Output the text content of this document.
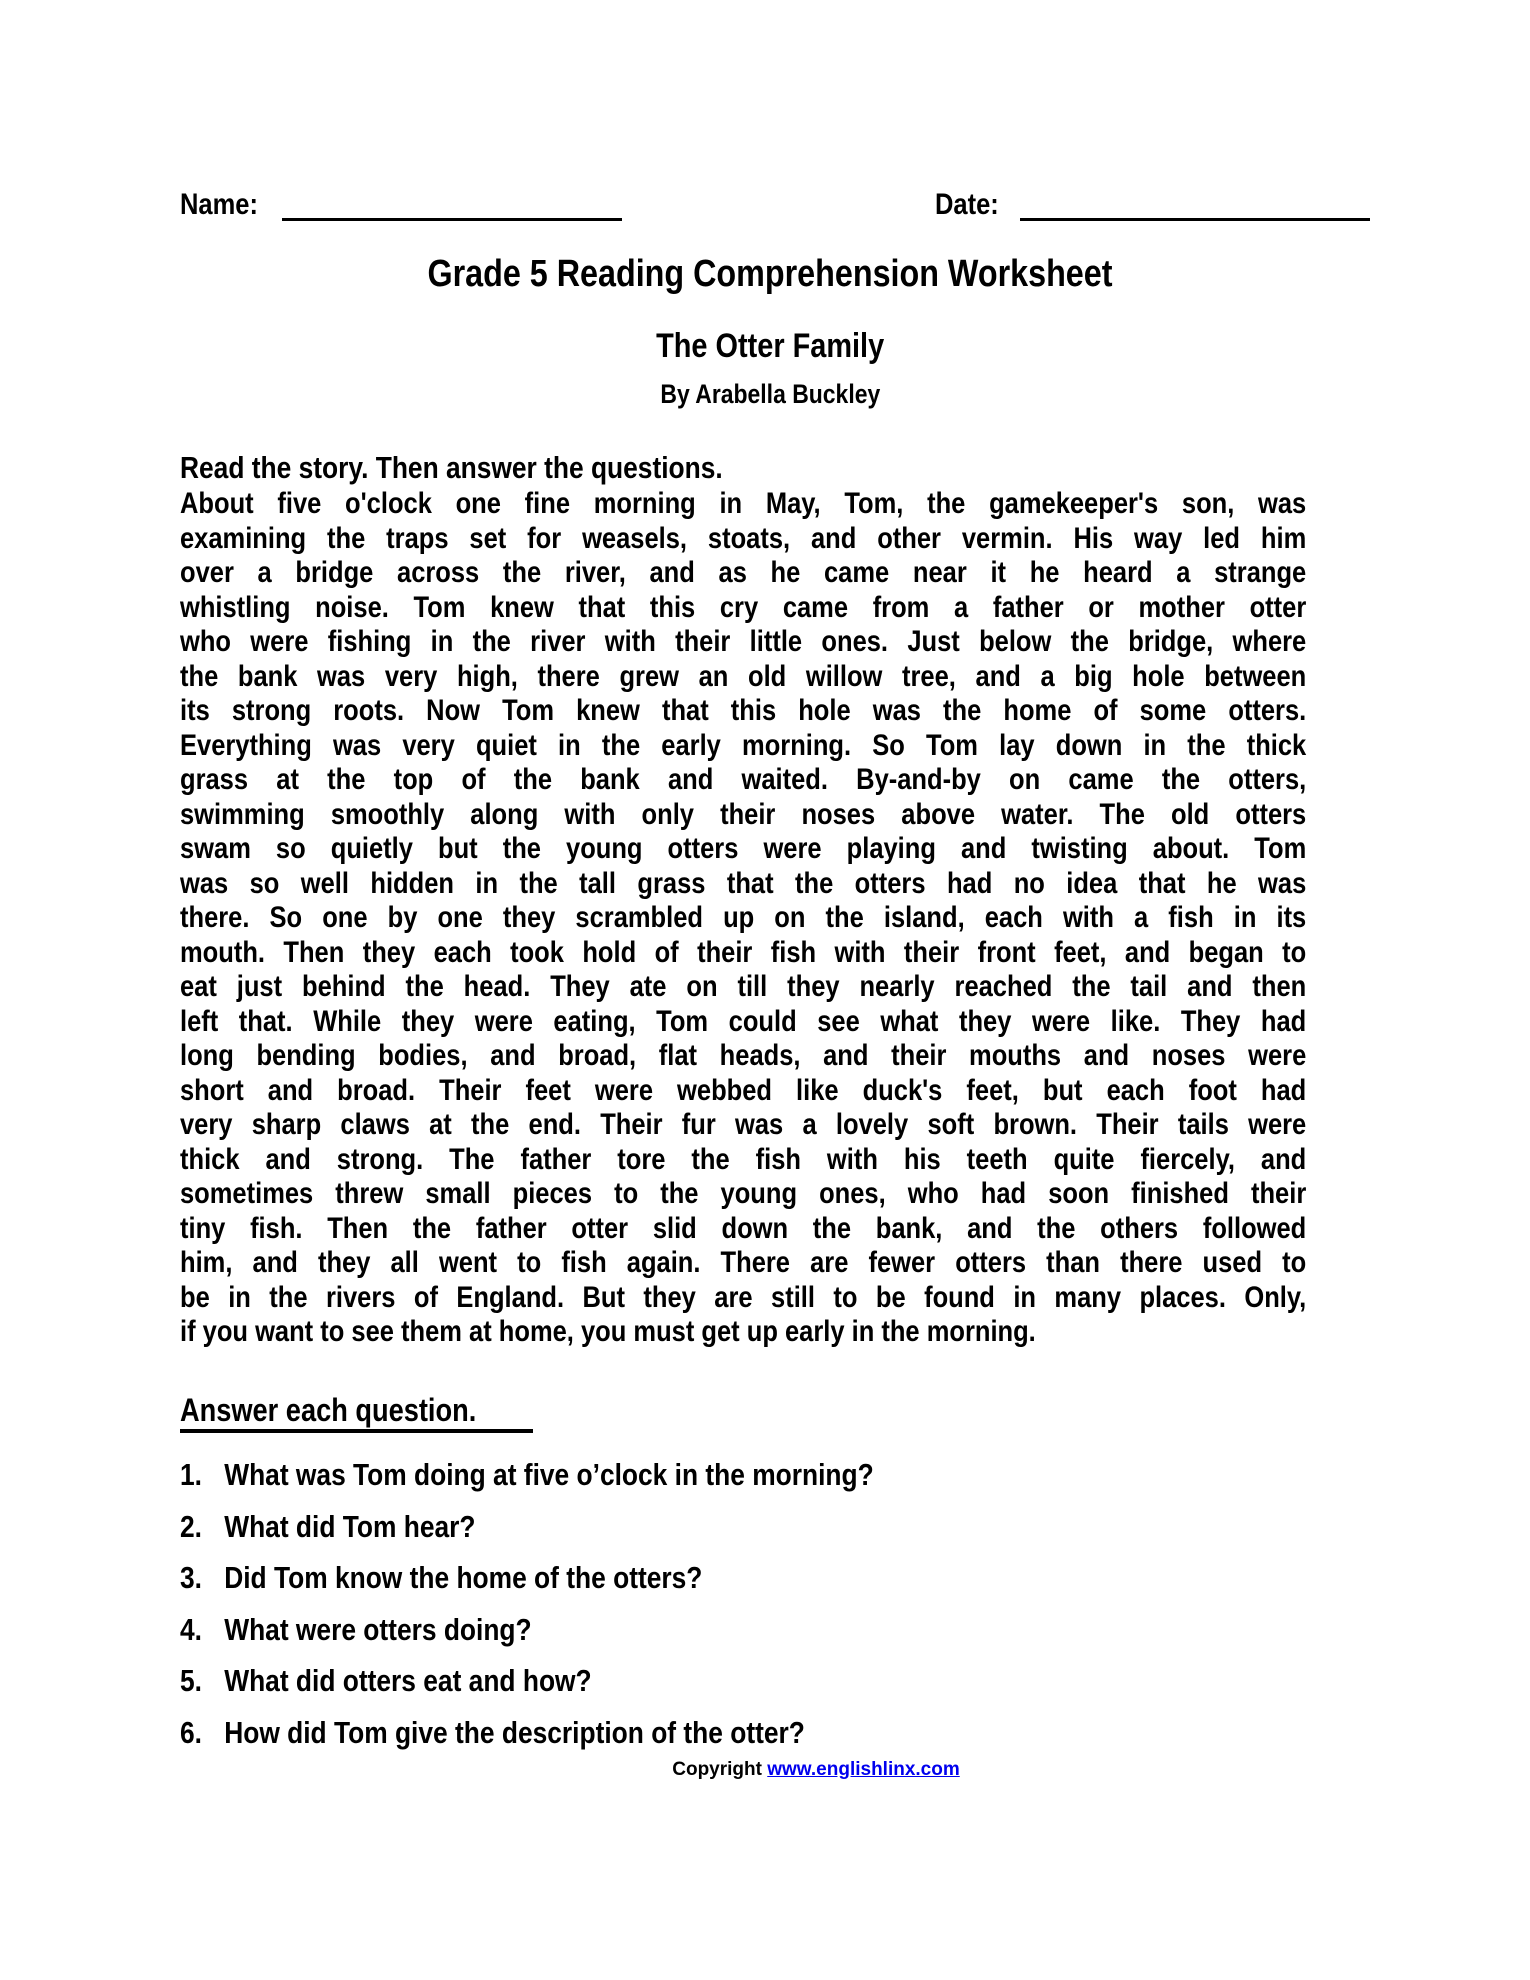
Name:	Date:
Grade 5 Reading Comprehension Worksheet
The Otter Family
By Arabella Buckley
Read the story. Then answer the questions.
About five o'clock one fine morning in May, Tom, the gamekeeper's son, was
examining the traps set for weasels, stoats, and other vermin. His way led him
over a bridge across the river, and as he came near it he heard a strange
whistling noise. Tom knew that this cry came from a father or mother otter
who were fishing in the river with their little ones. Just below the bridge, where
the bank was very high, there grew an old willow tree, and a big hole between
its strong roots. Now Tom knew that this hole was the home of some otters.
Everything was very quiet in the early morning. So Tom lay down in the thick
grass at the top of the bank and waited. By-and-by on came the otters,
swimming smoothly along with only their noses above water. The old otters
swam so quietly but the young otters were playing and twisting about. Tom
was so well hidden in the tall grass that the otters had no idea that he was
there. So one by one they scrambled up on the island, each with a fish in its
mouth. Then they each took hold of their fish with their front feet, and began to
eat just behind the head. They ate on till they nearly reached the tail and then
left that. While they were eating, Tom could see what they were like. They had
long bending bodies, and broad, flat heads, and their mouths and noses were
short and broad. Their feet were webbed like duck's feet, but each foot had
very sharp claws at the end. Their fur was a lovely soft brown. Their tails were
thick and strong. The father tore the fish with his teeth quite fiercely, and
sometimes threw small pieces to the young ones, who had soon finished their
tiny fish. Then the father otter slid down the bank, and the others followed
him, and they all went to fish again. There are fewer otters than there used to
be in the rivers of England. But they are still to be found in many places. Only,
if you want to see them at home, you must get up early in the morning.
Answer each question.
1. What was Tom doing at five o’clock in the morning?
2. What did Tom hear?
3. Did Tom know the home of the otters?
4. What were otters doing?
5. What did otters eat and how?
6. How did Tom give the description of the otter?
Copyright www.englishlinx.com
